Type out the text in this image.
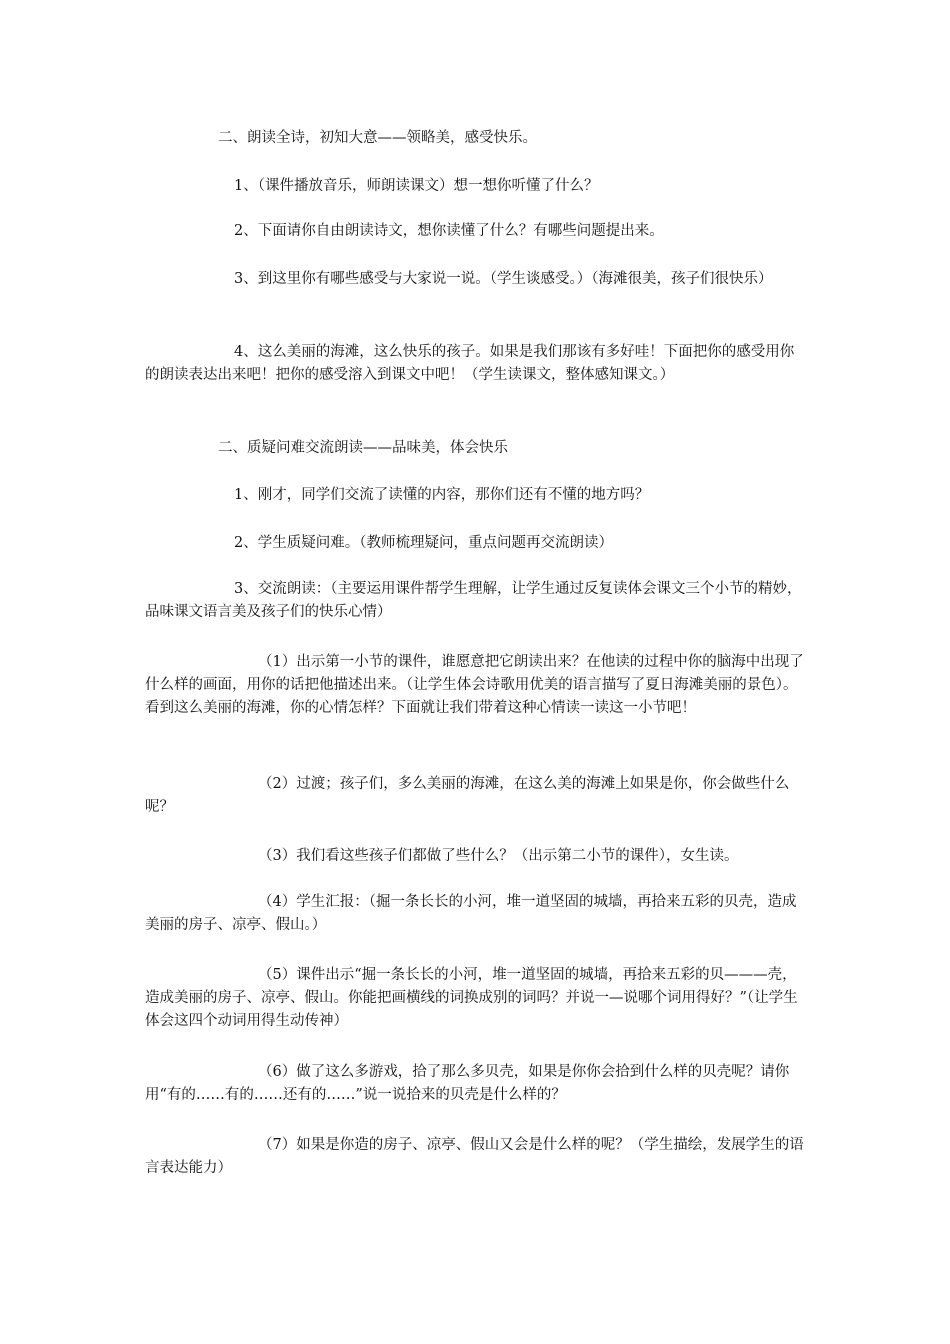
二、朗读全诗，初知大意——领略美，感受快乐。

1、（课件播放音乐，师朗读课文）想一想你听懂了什么？

2、下面请你自由朗读诗文，想你读懂了什么？有哪些问题提出来。

3、到这里你有哪些感受与大家说一说。（学生谈感受。）（海滩很美，孩子们很快乐）

4、这么美丽的海滩，这么快乐的孩子。如果是我们那该有多好哇！下面把你的感受用你的朗读表达出来吧！把你的感受溶入到课文中吧！（学生读课文，整体感知课文。）

二、质疑问难交流朗读——品味美，体会快乐

1、刚才，同学们交流了读懂的内容，那你们还有不懂的地方吗？

2、学生质疑问难。（教师梳理疑问，重点问题再交流朗读）

3、交流朗读：（主要运用课件帮学生理解，让学生通过反复读体会课文三个小节的精妙，品味课文语言美及孩子们的快乐心情）

（1）出示第一小节的课件，谁愿意把它朗读出来？在他读的过程中你的脑海中出现了什么样的画面，用你的话把他描述出来。（让学生体会诗歌用优美的语言描写了夏日海滩美丽的景色）。看到这么美丽的海滩，你的心情怎样？下面就让我们带着这种心情读一读这一小节吧！

（2）过渡；孩子们，多么美丽的海滩，在这么美的海滩上如果是你，你会做些什么呢？

（3）我们看这些孩子们都做了些什么？（出示第二小节的课件），女生读。

（4）学生汇报：（掘一条长长的小河，堆一道坚固的城墙，再拾来五彩的贝壳，造成美丽的房子、凉亭、假山。）

（5）课件出示“掘一条长长的小河，堆一道坚固的城墙，再拾来五彩的贝———壳，造成美丽的房子、凉亭、假山。你能把画横线的词换成别的词吗？并说一—说哪个词用得好？”（让学生体会这四个动词用得生动传神）

（6）做了这么多游戏，拾了那么多贝壳，如果是你你会拾到什么样的贝壳呢？请你用“有的……有的……还有的……”说一说拾来的贝壳是什么样的？

（7）如果是你造的房子、凉亭、假山又会是什么样的呢？（学生描绘，发展学生的语言表达能力）
